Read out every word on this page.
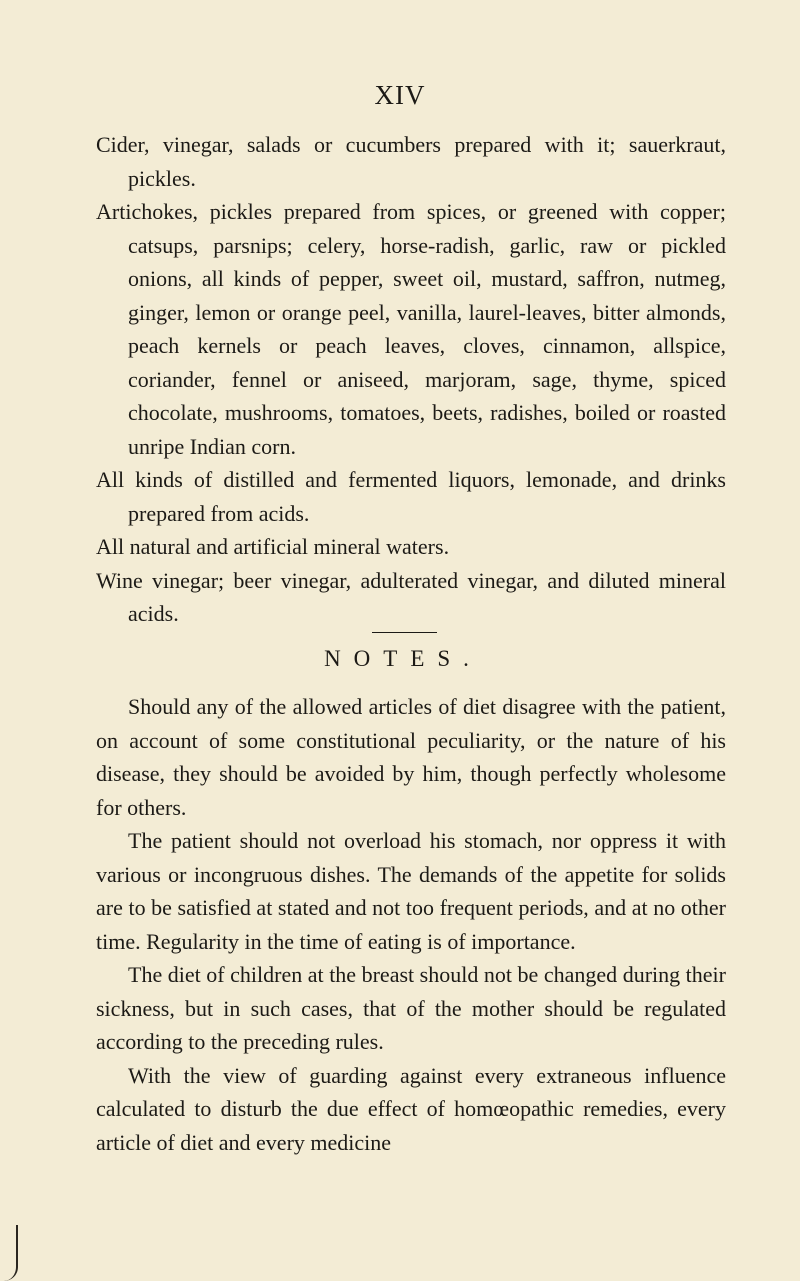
XIV
Cider, vinegar, salads or cucumbers prepared with it; sauerkraut, pickles.
Artichokes, pickles prepared from spices, or greened with copper; catsups, parsnips; celery, horse-radish, garlic, raw or pickled onions, all kinds of pepper, sweet oil, mustard, saffron, nutmeg, ginger, lemon or orange peel, vanilla, laurel-leaves, bitter almonds, peach kernels or peach leaves, cloves, cinnamon, allspice, coriander, fennel or aniseed, marjoram, sage, thyme, spiced chocolate, mushrooms, tomatoes, beets, radishes, boiled or roasted unripe Indian corn.
All kinds of distilled and fermented liquors, lemonade, and drinks prepared from acids.
All natural and artificial mineral waters.
Wine vinegar; beer vinegar, adulterated vinegar, and diluted mineral acids.
NOTES.

Should any of the allowed articles of diet disagree with the patient, on account of some constitutional peculiarity, or the nature of his disease, they should be avoided by him, though perfectly wholesome for others.

The patient should not overload his stomach, nor oppress it with various or incongruous dishes. The demands of the appetite for solids are to be satisfied at stated and not too frequent periods, and at no other time. Regularity in the time of eating is of importance.

The diet of children at the breast should not be changed during their sickness, but in such cases, that of the mother should be regulated according to the preceding rules.

With the view of guarding against every extraneous influence calculated to disturb the due effect of homœopathic remedies, every article of diet and every medicine
